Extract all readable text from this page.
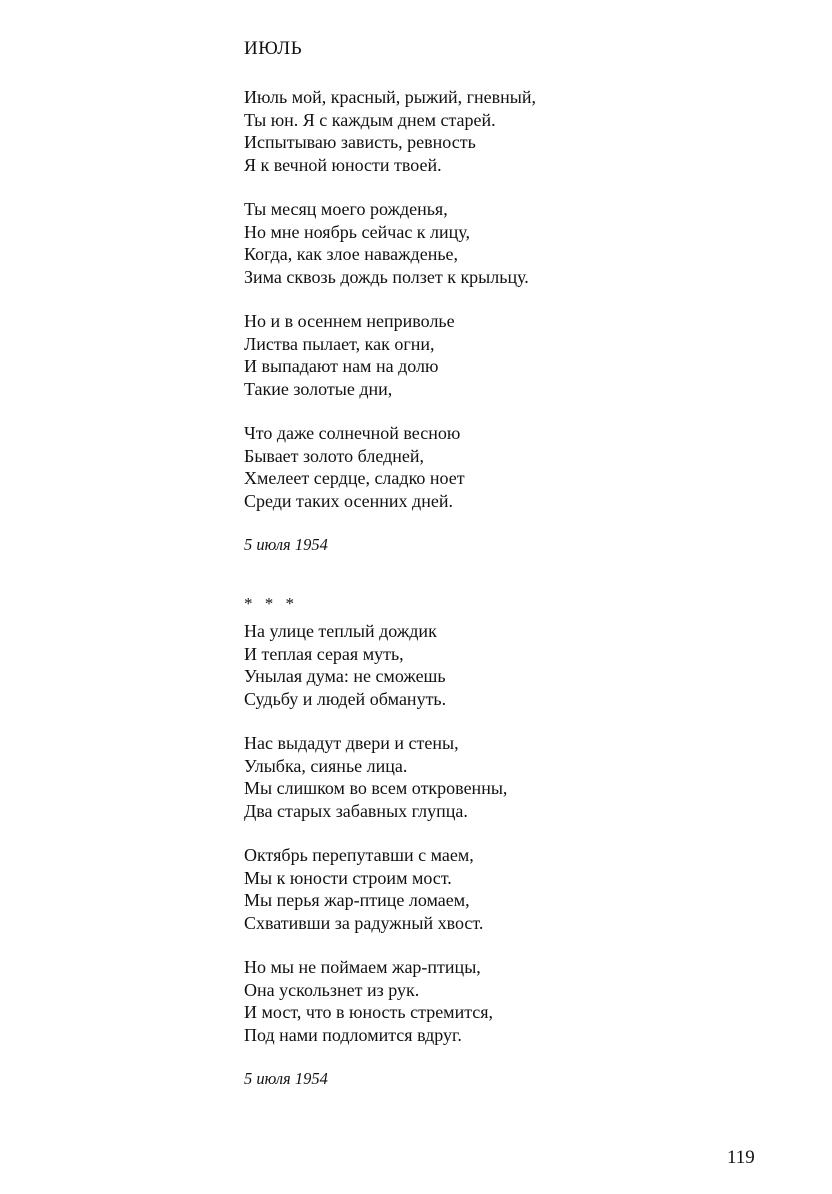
ИЮЛЬ
Июль мой, красный, рыжий, гневный,
Ты юн. Я с каждым днем старей.
Испытываю зависть, ревность
Я к вечной юности твоей.
Ты месяц моего рожденья,
Но мне ноябрь сейчас к лицу,
Когда, как злое наважденье,
Зима сквозь дождь ползет к крыльцу.
Но и в осеннем неприволье
Листва пылает, как огни,
И выпадают нам на долю
Такие золотые дни,
Что даже солнечной весною
Бывает золото бледней,
Хмелеет сердце, сладко ноет
Среди таких осенних дней.
5 июля 1954
* * *
На улице теплый дождик
И теплая серая муть,
Унылая дума: не сможешь
Судьбу и людей обмануть.
Нас выдадут двери и стены,
Улыбка, сиянье лица.
Мы слишком во всем откровенны,
Два старых забавных глупца.
Октябрь перепутавши с маем,
Мы к юности строим мост.
Мы перья жар-птице ломаем,
Схвативши за радужный хвост.
Но мы не поймаем жар-птицы,
Она ускользнет из рук.
И мост, что в юность стремится,
Под нами подломится вдруг.
5 июля 1954
119
